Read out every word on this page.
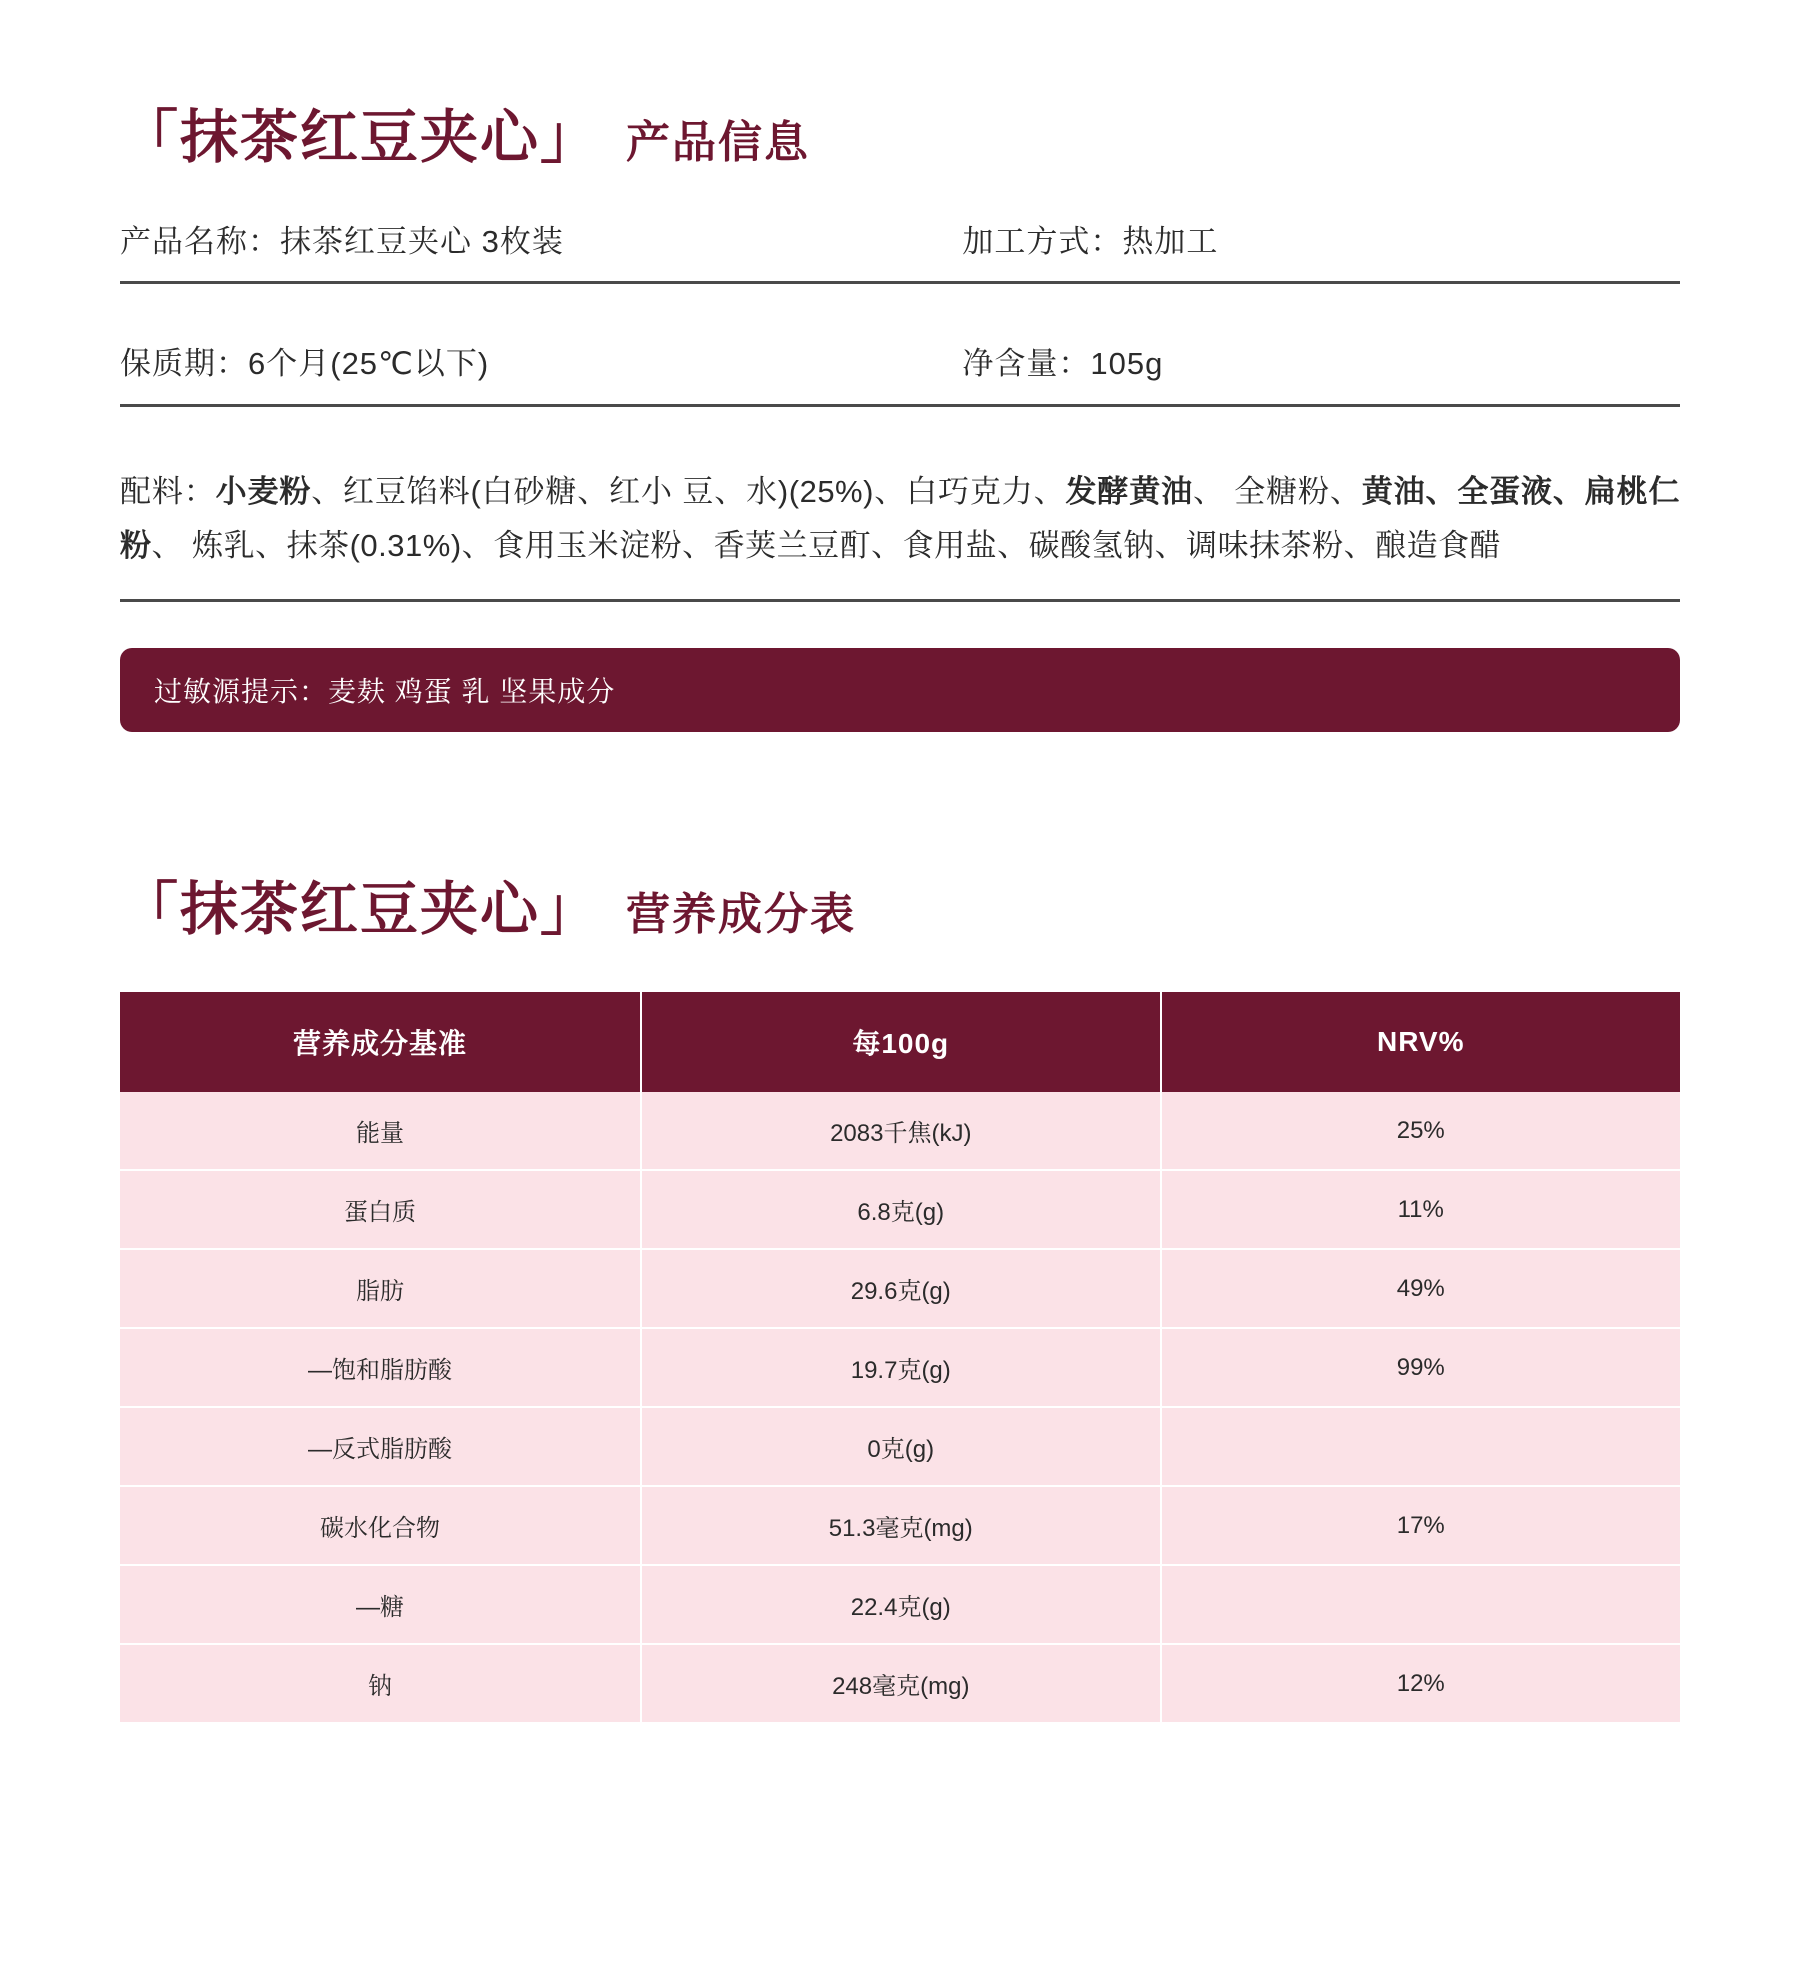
「抹茶红豆夹心」 产品信息
产品名称：抹茶红豆夹心 3枚装	加工方式：热加工
保质期：6个月(25℃以下)	净含量：105g

配料：小麦粉、红豆馅料(白砂糖、红小 豆、水)(25%)、白巧克力、发酵黄油、 全糖粉、黄油、全蛋液、扁桃仁粉、 炼乳、抹茶(0.31%)、食用玉米淀粉、香荚兰豆酊、食用盐、碳酸氢钠、调味抹茶粉、酿造食醋

过敏源提示：麦麸 鸡蛋 乳 坚果成分
「抹茶红豆夹心」 营养成分表
营养成分基准	每100g	NRV%
能量	2083千焦(kJ)	25%
蛋白质	6.8克(g)	11%
脂肪	29.6克(g)	49%
—饱和脂肪酸	19.7克(g)	99%
—反式脂肪酸	0克(g)	
碳水化合物	51.3毫克(mg)	17%
—糖	22.4克(g)	
钠	248毫克(mg)	12%
